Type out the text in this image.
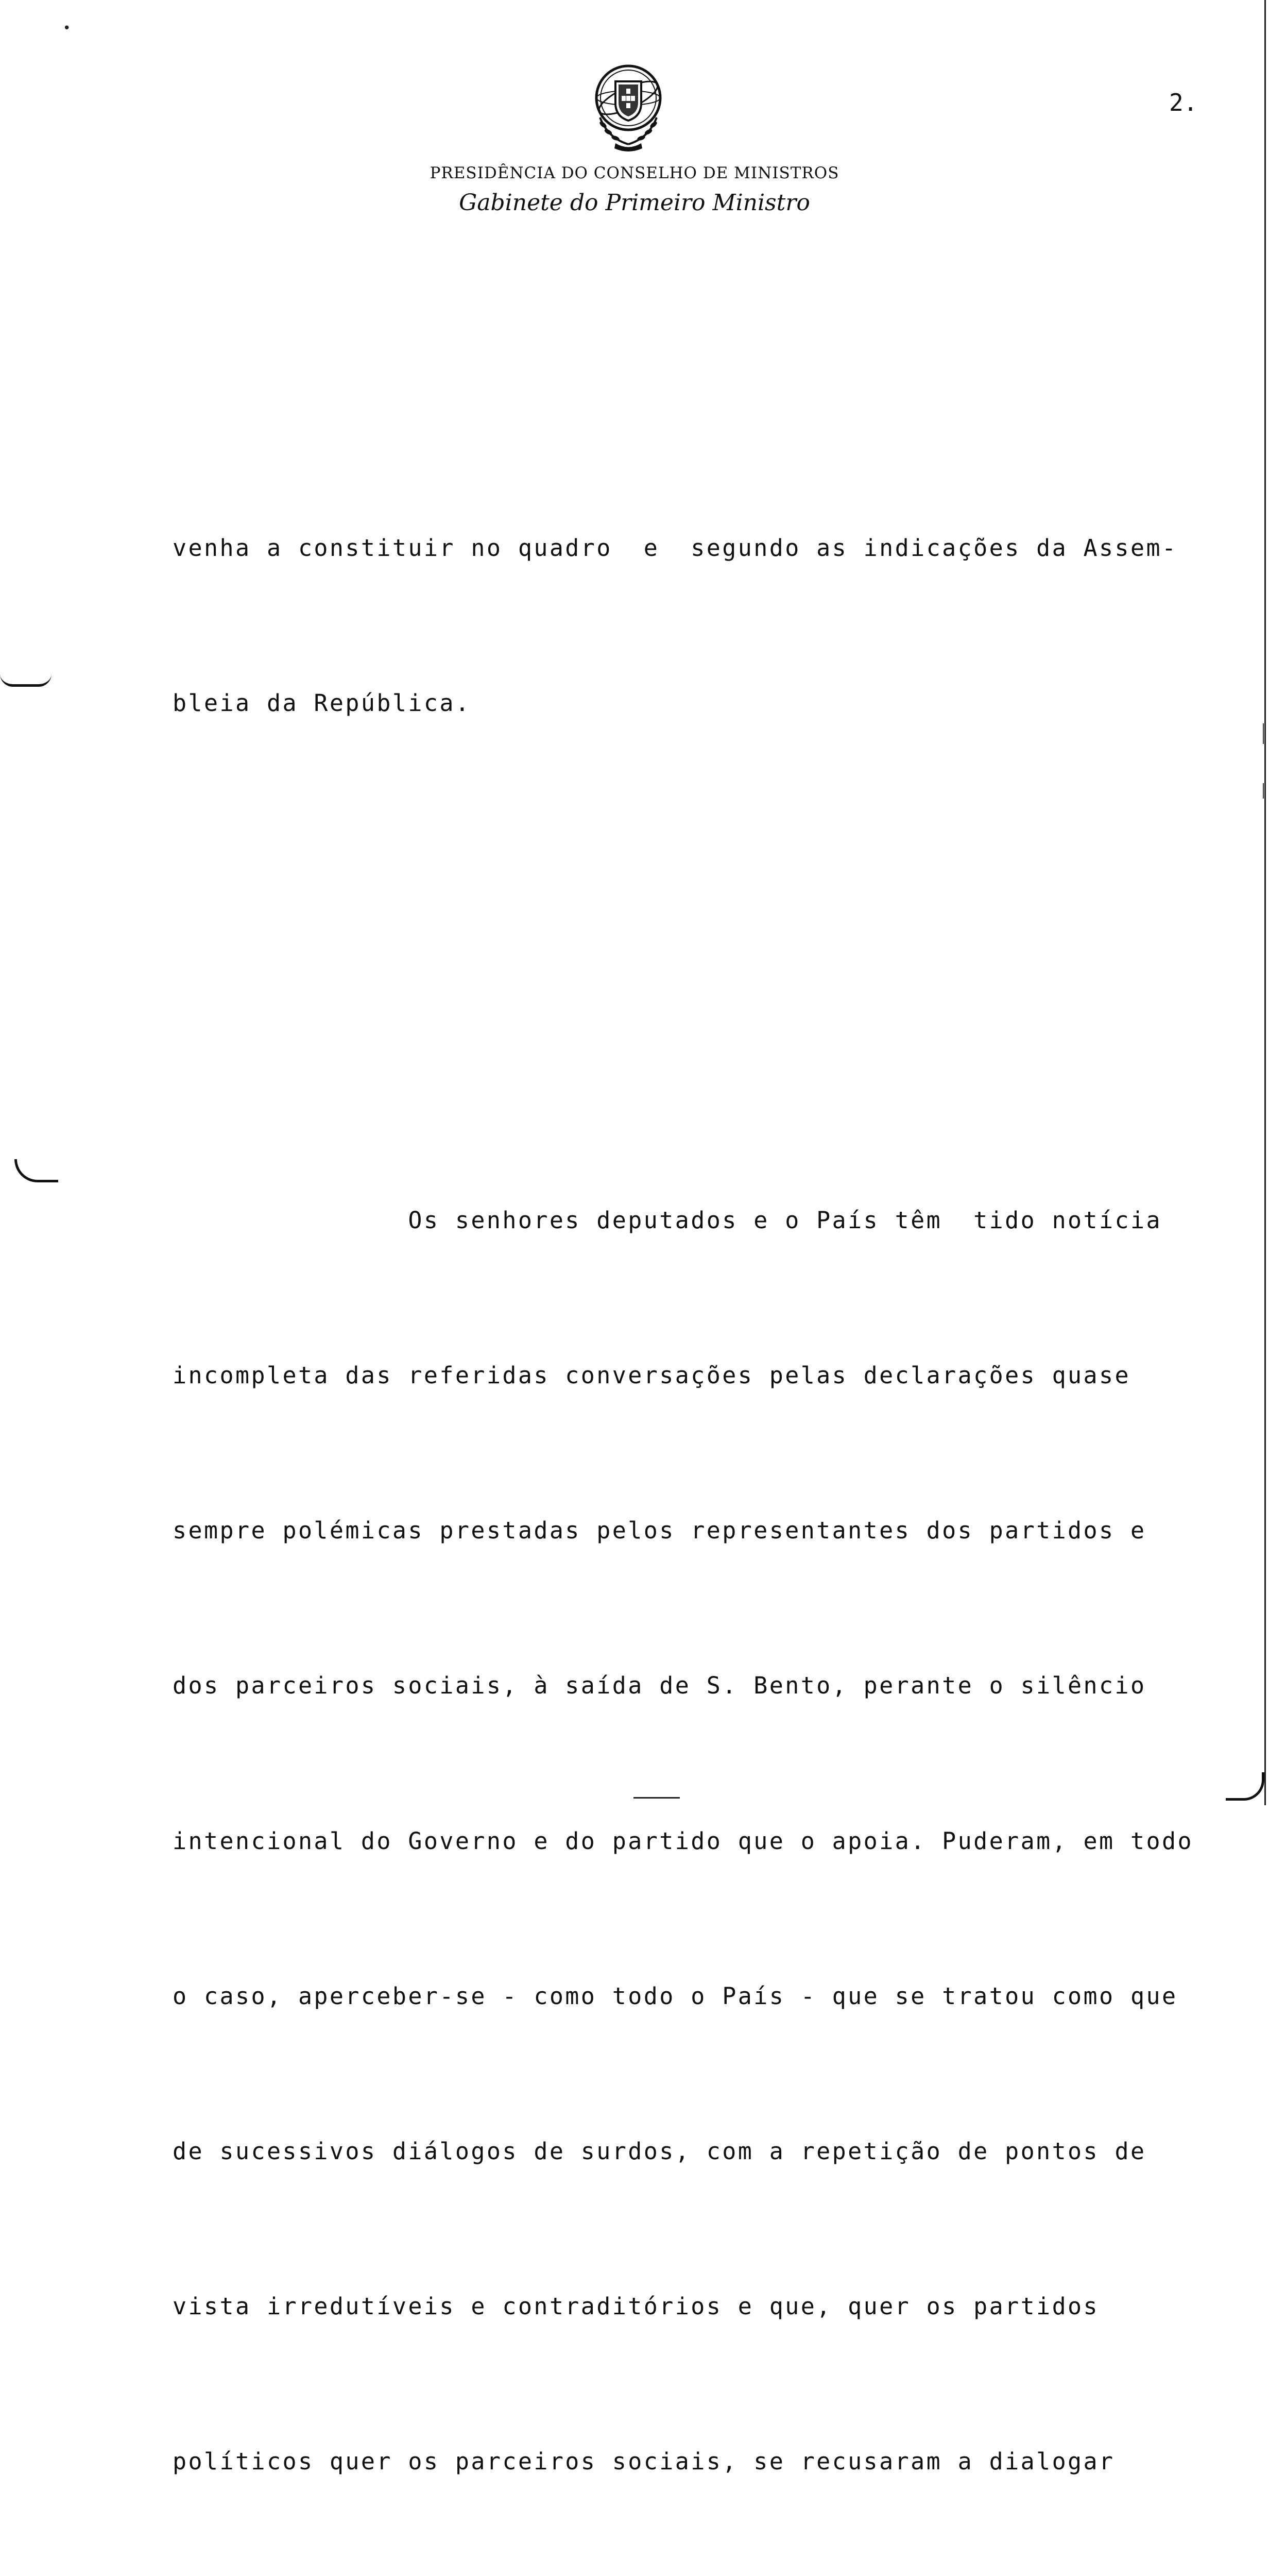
•
2.
PRESIDÊNCIA DO CONSELHO DE MINISTROS
Gabinete do Primeiro Ministro

venha a constituir no quadro  e  segundo as indicações da Assem-

bleia da República.

Os senhores deputados e o País têm  tido notícia

incompleta das referidas conversações pelas declarações quase

sempre polémicas prestadas pelos representantes dos partidos e

dos parceiros sociais, à saída de S. Bento, perante o silêncio

intencional do Governo e do partido que o apoia. Puderam, em todo

o caso, aperceber-se - como todo o País - que se tratou como que

de sucessivos diálogos de surdos, com a repetição de pontos de

vista irredutíveis e contraditórios e que, quer os partidos

políticos quer os parceiros sociais, se recusaram a dialogar
